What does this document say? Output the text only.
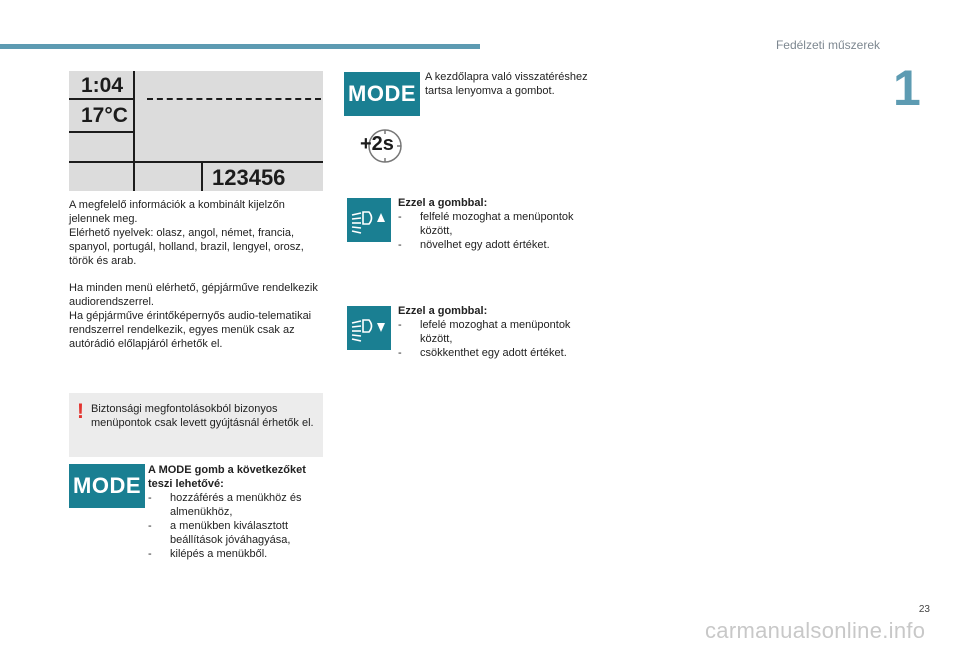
Fedélzeti műszerek
1
1:04
17°C
123456
A megfelelő információk a kombinált kijelzőn
jelennek meg.
Elérhető nyelvek: olasz, angol, német, francia,
spanyol, portugál, holland, brazil, lengyel, orosz,
török és arab.
Ha minden menü elérhető, gépjárműve rendelkezik
audiorendszerrel.
Ha gépjárműve érintőképernyős audio-telematikai
rendszerrel rendelkezik, egyes menük csak az
autórádió előlapjáról érhetők el.
! Biztonsági megfontolásokból bizonyos
menüpontok csak levett gyújtásnál érhetők el.
MODE
A MODE gomb a következőket
teszi lehetővé:
- hozzáférés a menükhöz és
almenükhöz,
- a menükben kiválasztott
beállítások jóváhagyása,
- kilépés a menükből.
MODE
A kezdőlapra való visszatéréshez
tartsa lenyomva a gombot.
+2s
Ezzel a gombbal:
- felfelé mozoghat a menüpontok
között,
- növelhet egy adott értéket.
Ezzel a gombbal:
- lefelé mozoghat a menüpontok
között,
- csökkenthet egy adott értéket.
23
carmanualsonline.info
